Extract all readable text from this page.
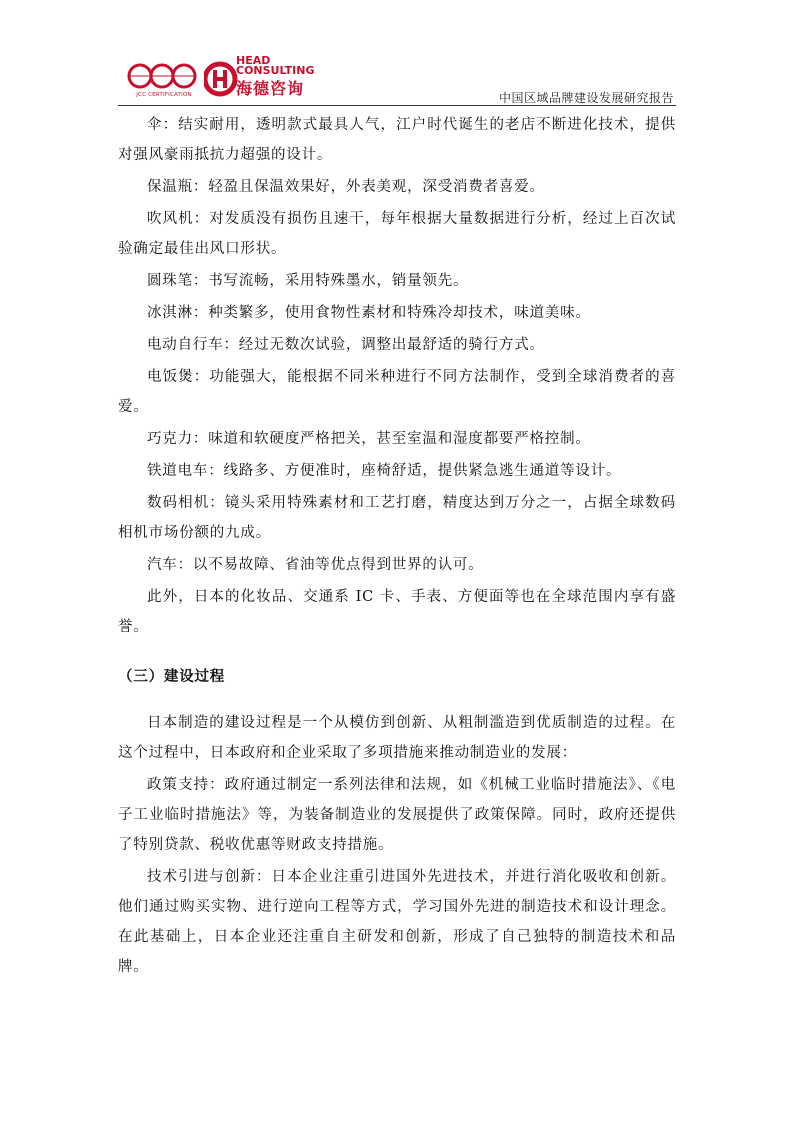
JCC CERTIFICATION
HEAD
CONSULTING
海德咨询	中国区域品牌建设发展研究报告

伞：结实耐用，透明款式最具人气，江户时代诞生的老店不断进化技术，提供对强风豪雨抵抗力超强的设计。

保温瓶：轻盈且保温效果好，外表美观，深受消费者喜爱。

吹风机：对发质没有损伤且速干，每年根据大量数据进行分析，经过上百次试验确定最佳出风口形状。

圆珠笔：书写流畅，采用特殊墨水，销量领先。

冰淇淋：种类繁多，使用食物性素材和特殊冷却技术，味道美味。

电动自行车：经过无数次试验，调整出最舒适的骑行方式。

电饭煲：功能强大，能根据不同米种进行不同方法制作，受到全球消费者的喜爱。

巧克力：味道和软硬度严格把关，甚至室温和湿度都要严格控制。

铁道电车：线路多、方便准时，座椅舒适，提供紧急逃生通道等设计。

数码相机：镜头采用特殊素材和工艺打磨，精度达到万分之一，占据全球数码相机市场份额的九成。

汽车：以不易故障、省油等优点得到世界的认可。

此外，日本的化妆品、交通系 IC 卡、手表、方便面等也在全球范围内享有盛誉。

（三）建设过程

日本制造的建设过程是一个从模仿到创新、从粗制滥造到优质制造的过程。在这个过程中，日本政府和企业采取了多项措施来推动制造业的发展：

政策支持：政府通过制定一系列法律和法规，如《机械工业临时措施法》、《电子工业临时措施法》等，为装备制造业的发展提供了政策保障。同时，政府还提供了特别贷款、税收优惠等财政支持措施。

技术引进与创新：日本企业注重引进国外先进技术，并进行消化吸收和创新。他们通过购买实物、进行逆向工程等方式，学习国外先进的制造技术和设计理念。在此基础上，日本企业还注重自主研发和创新，形成了自己独特的制造技术和品牌。
